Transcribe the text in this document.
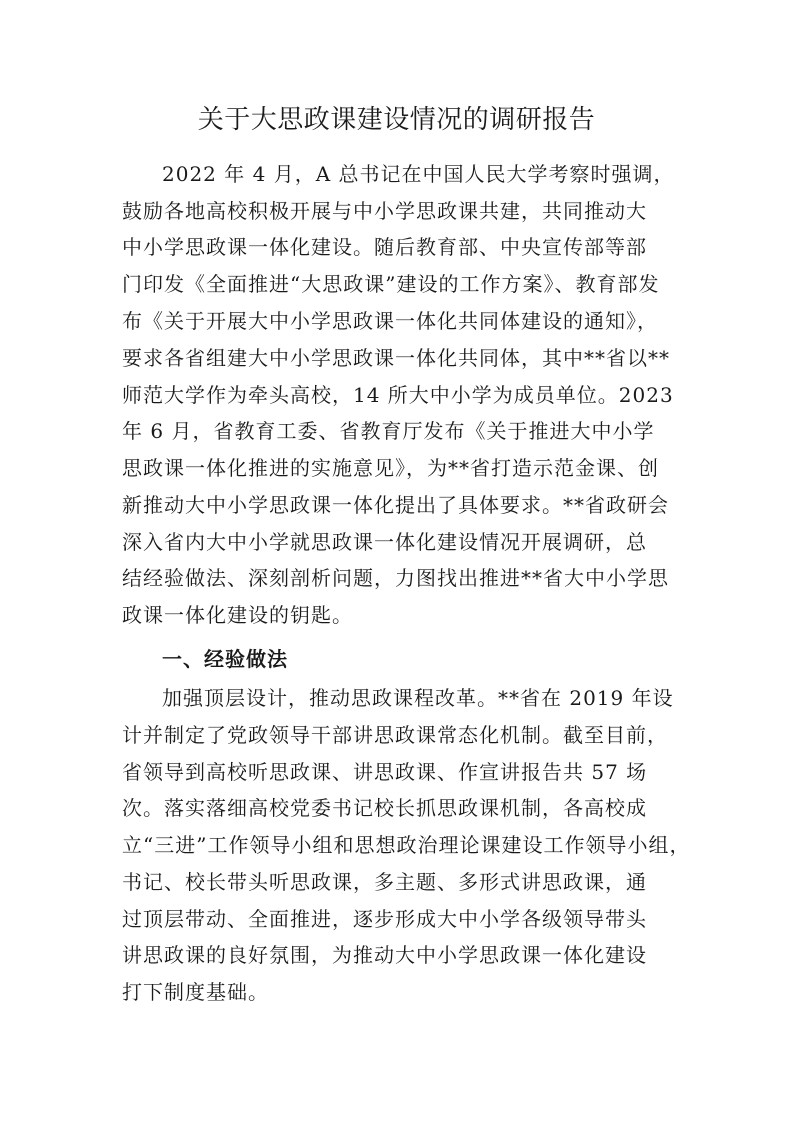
关于大思政课建设情况的调研报告

2022 年 4 月，A 总书记在中国人民大学考察时强调，

鼓励各地高校积极开展与中小学思政课共建，共同推动大

中小学思政课一体化建设。随后教育部、中央宣传部等部

门印发《全面推进“大思政课”建设的工作方案》、教育部发

布《关于开展大中小学思政课一体化共同体建设的通知》，

要求各省组建大中小学思政课一体化共同体，其中**省以**

师范大学作为牵头高校，14 所大中小学为成员单位。2023

年 6 月，省教育工委、省教育厅发布《关于推进大中小学

思政课一体化推进的实施意见》，为**省打造示范金课、创

新推动大中小学思政课一体化提出了具体要求。**省政研会

深入省内大中小学就思政课一体化建设情况开展调研，总

结经验做法、深刻剖析问题，力图找出推进**省大中小学思

政课一体化建设的钥匙。

一、经验做法

加强顶层设计，推动思政课程改革。**省在 2019 年设

计并制定了党政领导干部讲思政课常态化机制。截至目前，

省领导到高校听思政课、讲思政课、作宣讲报告共 57 场

次。落实落细高校党委书记校长抓思政课机制，各高校成

立“三进”工作领导小组和思想政治理论课建设工作领导小组，

书记、校长带头听思政课，多主题、多形式讲思政课，通

过顶层带动、全面推进，逐步形成大中小学各级领导带头

讲思政课的良好氛围，为推动大中小学思政课一体化建设

打下制度基础。
